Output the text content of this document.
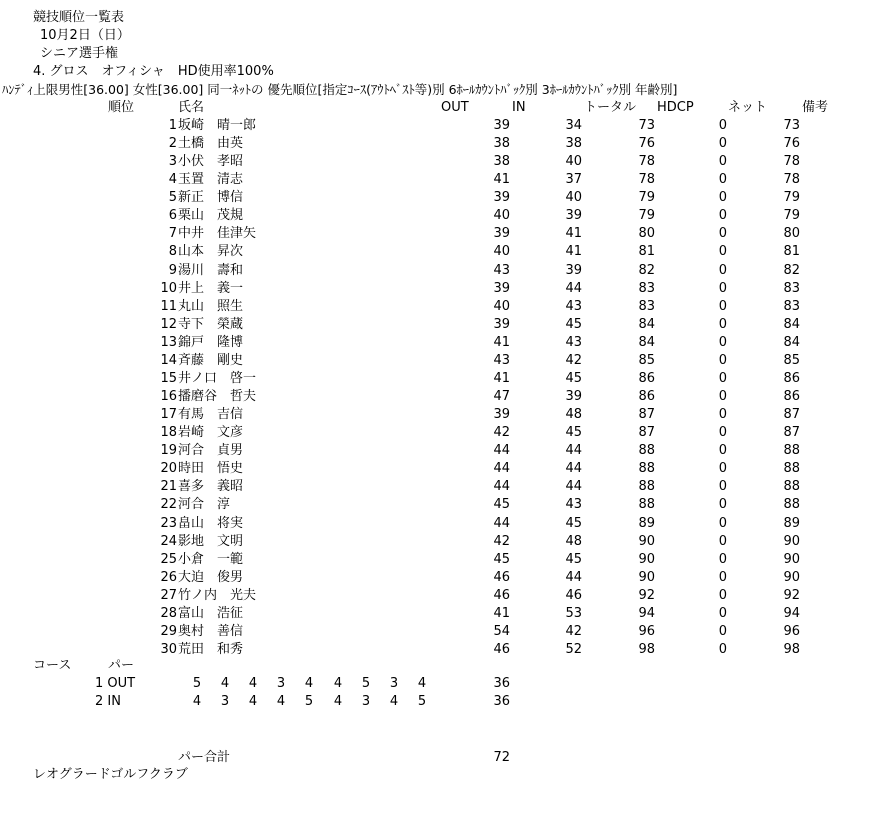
競技順位一覧表
10月2日（日）
シニア選手権
4. グロス　オフィシャ　HD使用率100%
ﾊﾝﾃﾞｨ上限男性[36.00] 女性[36.00] 同一ﾈｯﾄの 優先順位[指定ｺｰｽ(ｱｳﾄﾍﾞｽﾄ等)別 6ﾎｰﾙｶｳﾝﾄﾊﾞｯｸ別 3ﾎｰﾙｶｳﾝﾄﾊﾞｯｸ別 年齢別]
順位	氏名	OUT	IN	トータル HDCP	ネット	備考
1 坂崎　晴一郎	39	34	73	0	73
2 土橋　由英	38	38	76	0	76
3 小伏　孝昭	38	40	78	0	78
4 玉置　清志	41	37	78	0	78
5 新正　博信	39	40	79	0	79
6 栗山　茂規	40	39	79	0	79
7 中井　佳津矢	39	41	80	0	80
8 山本　昇次	40	41	81	0	81
9 湯川　壽和	43	39	82	0	82
10 井上　義一	39	44	83	0	83
11 丸山　照生	40	43	83	0	83
12 寺下　榮蔵	39	45	84	0	84
13 錦戸　隆博	41	43	84	0	84
14 斉藤　剛史	43	42	85	0	85
15 井ノ口　啓一	41	45	86	0	86
16 播磨谷　哲夫	47	39	86	0	86
17 有馬　吉信	39	48	87	0	87
18 岩崎　文彦	42	45	87	0	87
19 河合　貞男	44	44	88	0	88
20 時田　悟史	44	44	88	0	88
21 喜多　義昭	44	44	88	0	88
22 河合　淳	45	43	88	0	88
23 畠山　将実	44	45	89	0	89
24 影地　文明	42	48	90	0	90
25 小倉　一範	45	45	90	0	90
26 大迫　俊男	46	44	90	0	90
27 竹ノ内　光夫	46	46	92	0	92
28 富山　浩征	41	53	94	0	94
29 奥村　善信	54	42	96	0	96
30 荒田　和秀	46	52	98	0	98
コース	パー
1 OUT	5 4 4 3 4 4 5 3 4	36
2 IN	4 3 4 4 5 4 3 4 5	36
パー合計	72
レオグラードゴルフクラブ
